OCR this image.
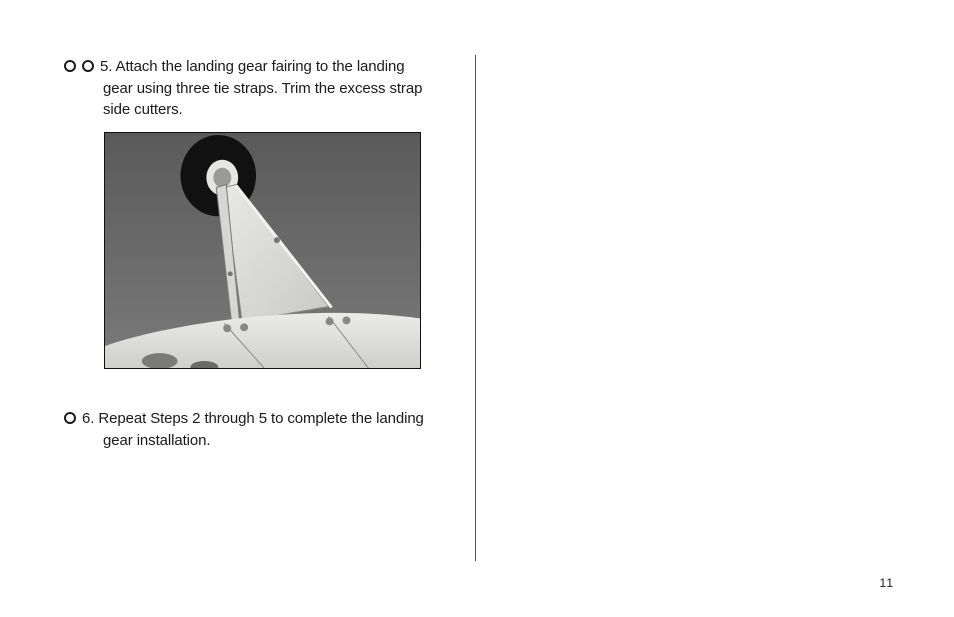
5. Attach the landing gear fairing to the landing
gear using three tie straps. Trim the excess strap
side cutters.
6. Repeat Steps 2 through 5 to complete the landing
gear installation.
11
